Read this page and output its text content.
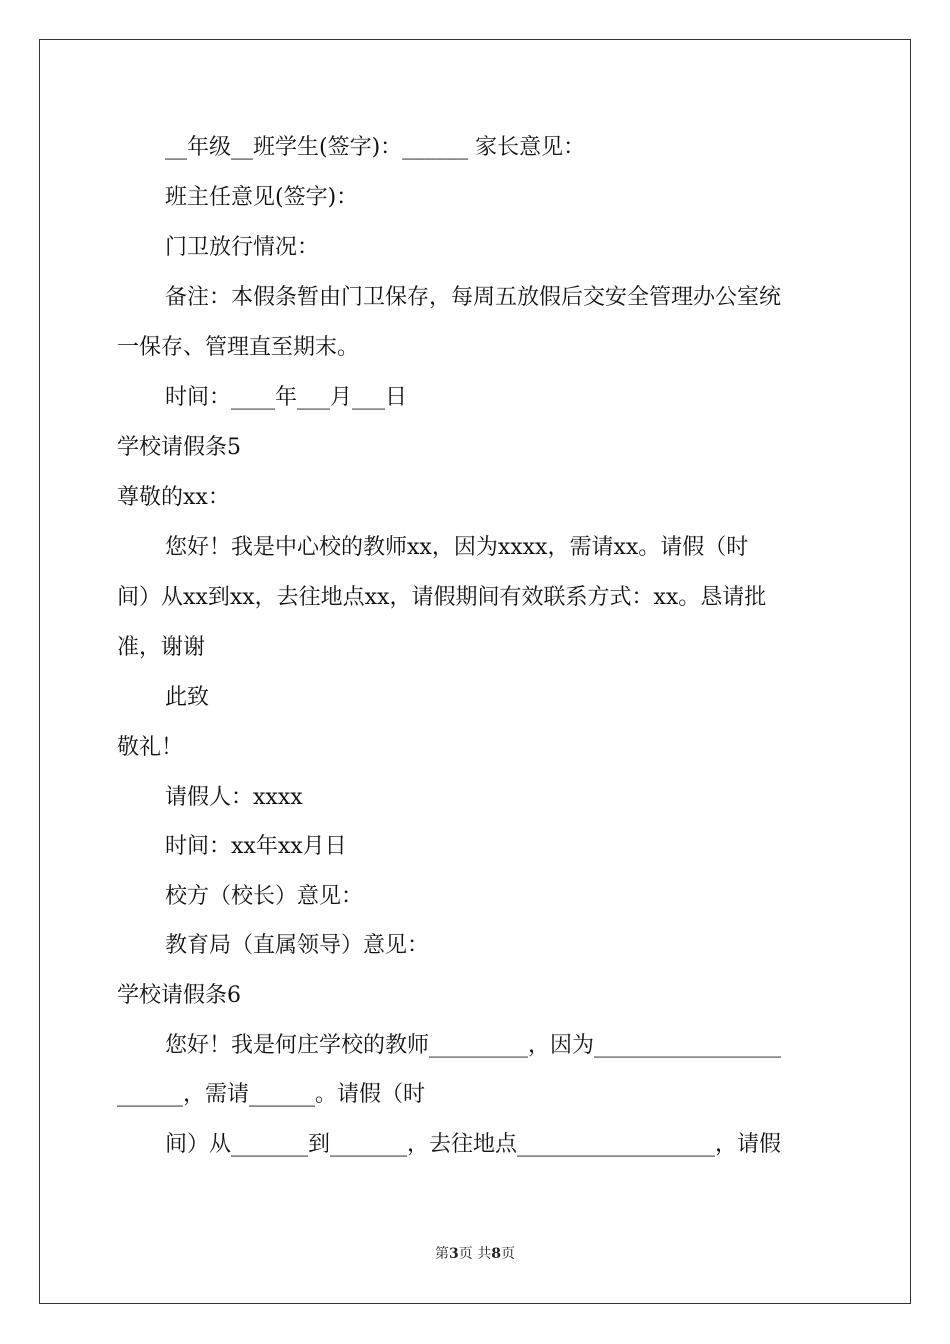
__年级__班学生(签字)：______ 家长意见：
班主任意见(签字)：
门卫放行情况：
备注：本假条暂由门卫保存，每周五放假后交安全管理办公室统
一保存、管理直至期末。
时间：____年___月___日
学校请假条5
尊敬的xx：
您好！我是中心校的教师xx，因为xxxx，需请xx。请假（时
间）从xx到xx，去往地点xx，请假期间有效联系方式：xx。恳请批
准，谢谢
此致
敬礼！
请假人：xxxx
时间：xx年xx月日
校方（校长）意见：
教育局（直属领导）意见：
学校请假条6
您好！我是何庄学校的教师_________，因为_________________
______，需请______。请假（时
间）从_______到_______，去往地点__________________，请假
第3页 共8页
